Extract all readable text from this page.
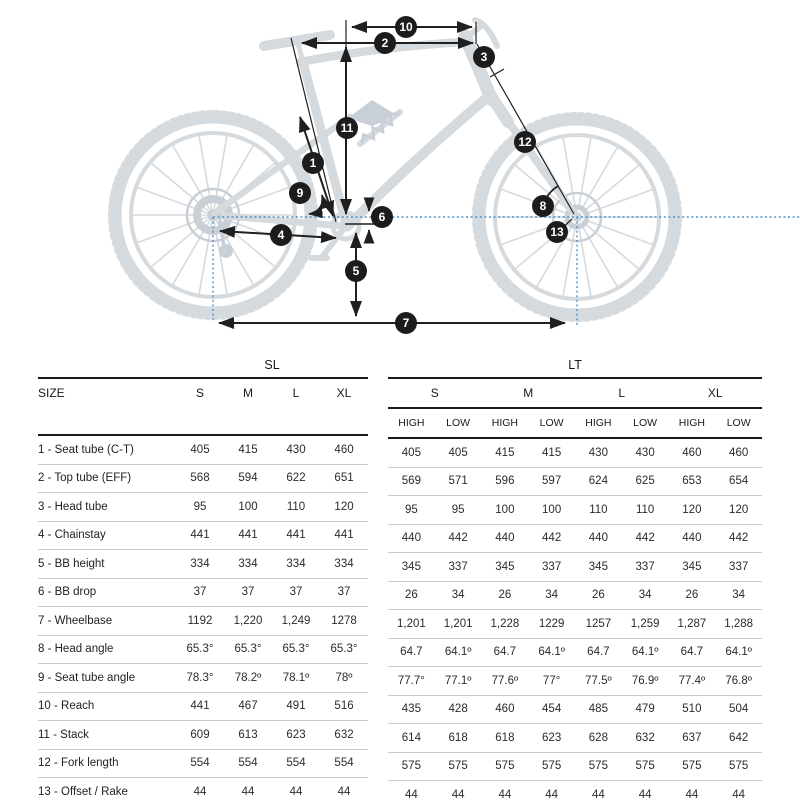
1
2
3
4
5
6
7
8
9
10
11
12
13
	SL			
SIZE	S	M	L	XL

1 - Seat tube (C-T)	405	415	430	460
2 - Top tube (EFF)	568	594	622	651
3 - Head tube	95	100	110	120
4 - Chainstay	441	441	441	441
5 - BB height	334	334	334	334
6 - BB drop	37	37	37	37
7 - Wheelbase	1192	1,220	1,249	1278
8 - Head angle	65.3°	65.3°	65.3°	65.3°
9 - Seat tube angle	78.3°	78.2º	78.1º	78º
10 - Reach	441	467	491	516
11 - Stack	609	613	623	632
12 - Fork length	554	554	554	554
13 - Offset / Rake	44	44	44	44
LT							
S		M		L		XL	
HIGH	LOW	HIGH	LOW	HIGH	LOW	HIGH	LOW
405	405	415	415	430	430	460	460
569	571	596	597	624	625	653	654
95	95	100	100	110	110	120	120
440	442	440	442	440	442	440	442
345	337	345	337	345	337	345	337
26	34	26	34	26	34	26	34
1,201	1,201	1,228	1229	1257	1,259	1,287	1,288
64.7	64.1º	64.7	64.1º	64.7	64.1º	64.7	64.1º
77.7°	77.1º	77.6º	77°	77.5º	76.9º	77.4º	76.8º
435	428	460	454	485	479	510	504
614	618	618	623	628	632	637	642
575	575	575	575	575	575	575	575
44	44	44	44	44	44	44	44
